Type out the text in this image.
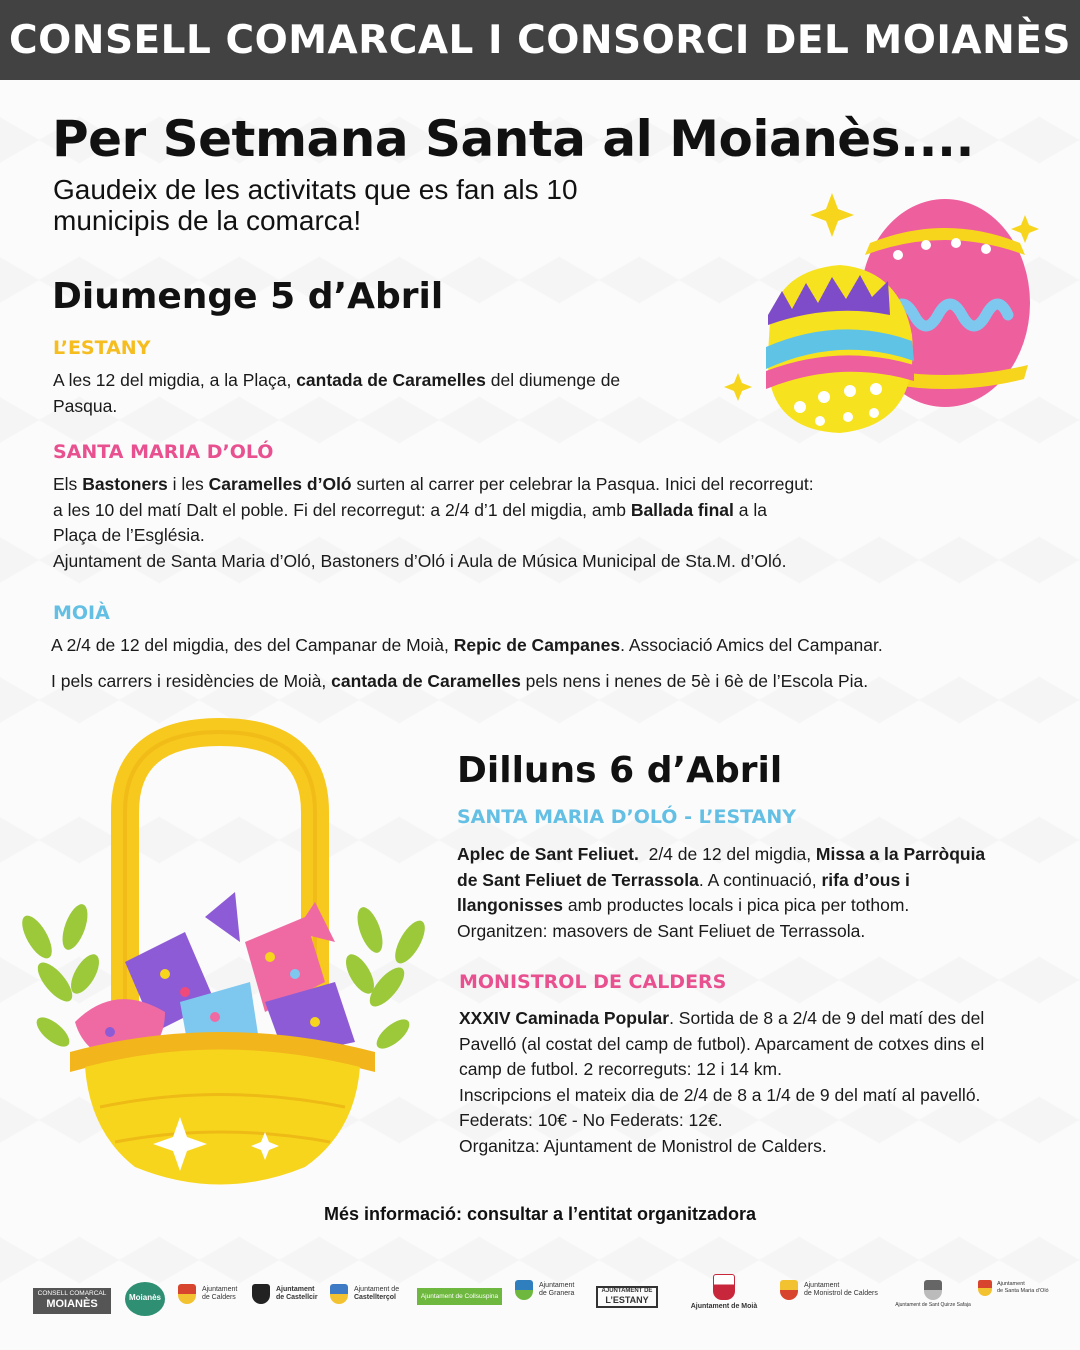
CONSELL COMARCAL I CONSORCI DEL MOIANÈS
Per Setmana Santa al Moianès....
Gaudeix de les activitats que es fan als 10
municipis de la comarca!
Diumenge 5 d’Abril
L’ESTANY
A les 12 del migdia, a la Plaça, cantada de Caramelles del diumenge de
Pasqua.
SANTA MARIA D’OLÓ
Els Bastoners i les Caramelles d’Oló surten al carrer per celebrar la Pasqua. Inici del recorregut:
a les 10 del matí Dalt el poble. Fi del recorregut: a 2/4 d’1 del migdia, amb Ballada final a la
Plaça de l’Església.
Ajuntament de Santa Maria d’Oló, Bastoners d’Oló i Aula de Música Municipal de Sta.M. d’Oló.
MOIÀ
A 2/4 de 12 del migdia, des del Campanar de Moià, Repic de Campanes. Associació Amics del Campanar.
I pels carrers i residències de Moià, cantada de Caramelles pels nens i nenes de 5è i 6è de l’Escola Pia.
Dilluns 6 d’Abril
SANTA MARIA D’OLÓ - L’ESTANY
Aplec de Sant Feliuet.  2/4 de 12 del migdia, Missa a la Parròquia
de Sant Feliuet de Terrassola. A continuació, rifa d’ous i
llangonisses amb productes locals i pica pica per tothom.
Organitzen: masovers de Sant Feliuet de Terrassola.
MONISTROL DE CALDERS
XXXIV Caminada Popular. Sortida de 8 a 2/4 de 9 del matí des del
Pavelló (al costat del camp de futbol). Aparcament de cotxes dins el
camp de futbol. 2 recorreguts: 12 i 14 km.
Inscripcions el mateix dia de 2/4 de 8 a 1/4 de 9 del matí al pavelló.
Federats: 10€ - No Federats: 12€.
Organitza: Ajuntament de Monistrol de Calders.
Més informació: consultar a l’entitat organitzadora
CONSELL COMARCAL
MOIANÈS
Moianès

Ajuntament
de Calders

Ajuntament
de Castellcir

Ajuntament de
Castellterçol	Ajuntament de Collsuspina

Ajuntament
de Granera	AJUNTAMENT DE
L’ESTANY
Ajuntament de Moià

Ajuntament
de Monistrol de Calders
Ajuntament de Sant Quirze Safaja

Ajuntament
de Santa Maria d’Oló
